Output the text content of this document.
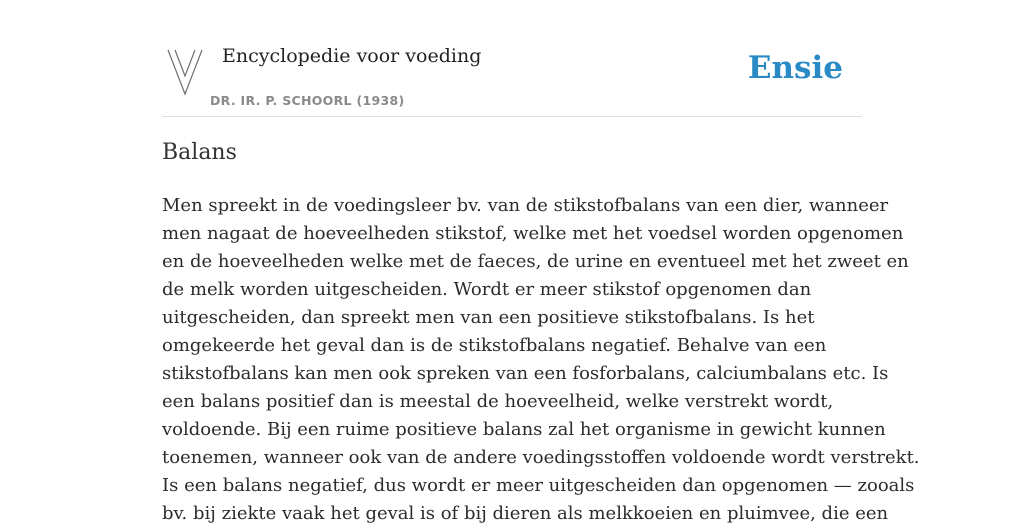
Encyclopedie voor voeding
DR. IR. P. SCHOORL (1938)
Ensie
Balans

Men spreekt in de voedingsleer bv. van de stikstofbalans van een dier, wanneer
men nagaat de hoeveelheden stikstof, welke met het voedsel worden opgenomen
en de hoeveelheden welke met de faeces, de urine en eventueel met het zweet en
de melk worden uitgescheiden. Wordt er meer stikstof opgenomen dan
uitgescheiden, dan spreekt men van een positieve stikstofbalans. Is het
omgekeerde het geval dan is de stikstofbalans negatief. Behalve van een
stikstofbalans kan men ook spreken van een fosforbalans, calciumbalans etc. Is
een balans positief dan is meestal de hoeveelheid, welke verstrekt wordt,
voldoende. Bij een ruime positieve balans zal het organisme in gewicht kunnen
toenemen, wanneer ook van de andere voedingsstoffen voldoende wordt verstrekt.
Is een balans negatief, dus wordt er meer uitgescheiden dan opgenomen — zooals
bv. bij ziekte vaak het geval is of bij dieren als melkkoeien en pluimvee, die een
